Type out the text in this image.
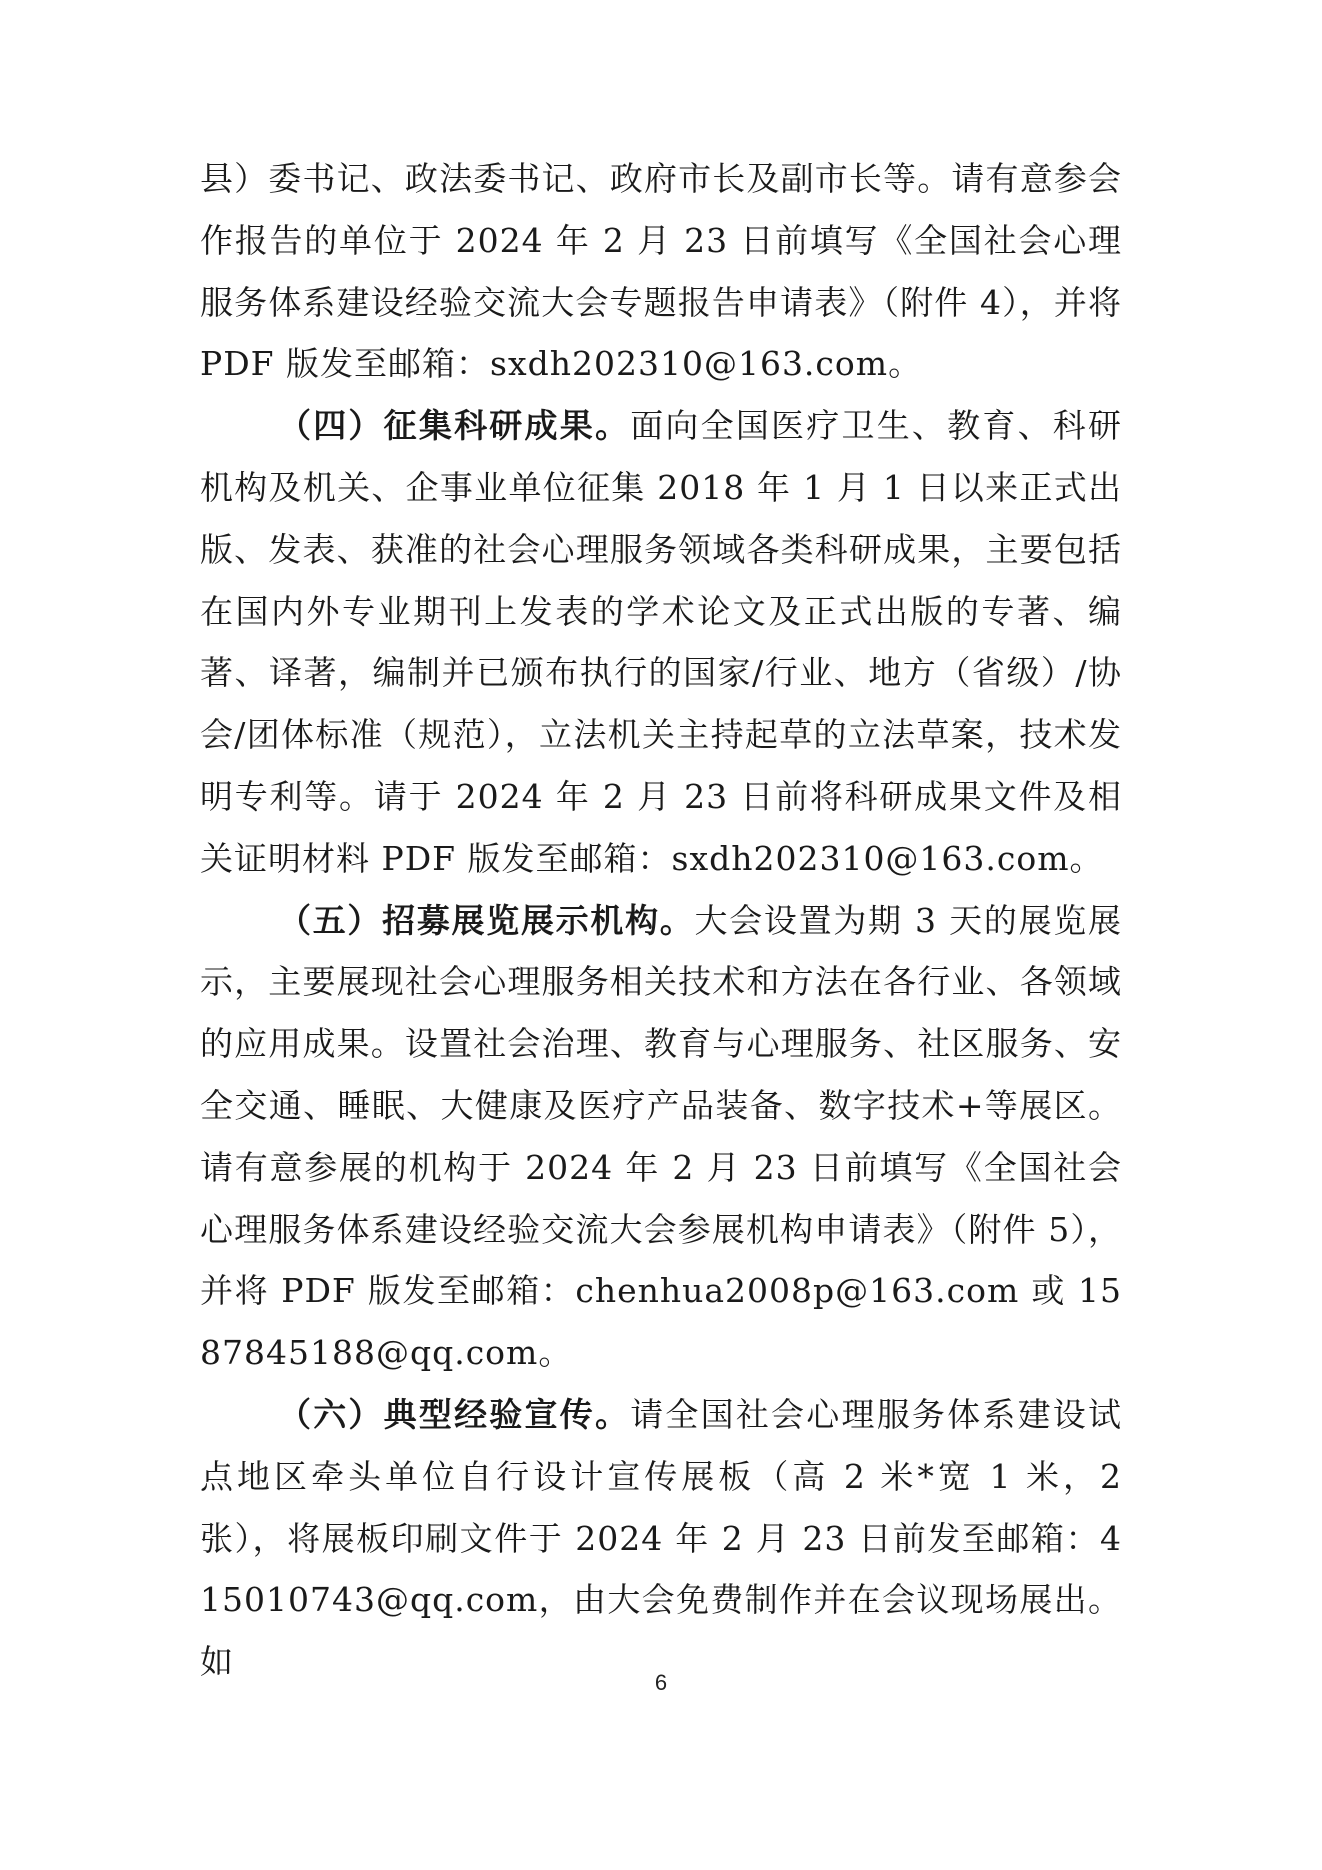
县）委书记、政法委书记、政府市长及副市长等。请有意参会作报告的单位于 2024 年 2 月 23 日前填写《全国社会心理服务体系建设经验交流大会专题报告申请表》（附件 4），并将 PDF 版发至邮箱：sxdh202310@163.com。

（四）征集科研成果。面向全国医疗卫生、教育、科研机构及机关、企事业单位征集 2018 年 1 月 1 日以来正式出版、发表、获准的社会心理服务领域各类科研成果，主要包括在国内外专业期刊上发表的学术论文及正式出版的专著、编著、译著，编制并已颁布执行的国家/行业、地方（省级）/协会/团体标准（规范），立法机关主持起草的立法草案，技术发明专利等。请于 2024 年 2 月 23 日前将科研成果文件及相关证明材料 PDF 版发至邮箱：sxdh202310@163.com。

（五）招募展览展示机构。大会设置为期 3 天的展览展示，主要展现社会心理服务相关技术和方法在各行业、各领域的应用成果。设置社会治理、教育与心理服务、社区服务、安全交通、睡眠、大健康及医疗产品装备、数字技术+等展区。请有意参展的机构于 2024 年 2 月 23 日前填写《全国社会心理服务体系建设经验交流大会参展机构申请表》（附件 5），并将 PDF 版发至邮箱：chenhua2008p@163.com 或 1587845188@qq.com。

（六）典型经验宣传。请全国社会心理服务体系建设试点地区牵头单位自行设计宣传展板（高 2 米*宽 1 米，2 张），将展板印刷文件于 2024 年 2 月 23 日前发至邮箱：415010743@qq.com，由大会免费制作并在会议现场展出。如

6
